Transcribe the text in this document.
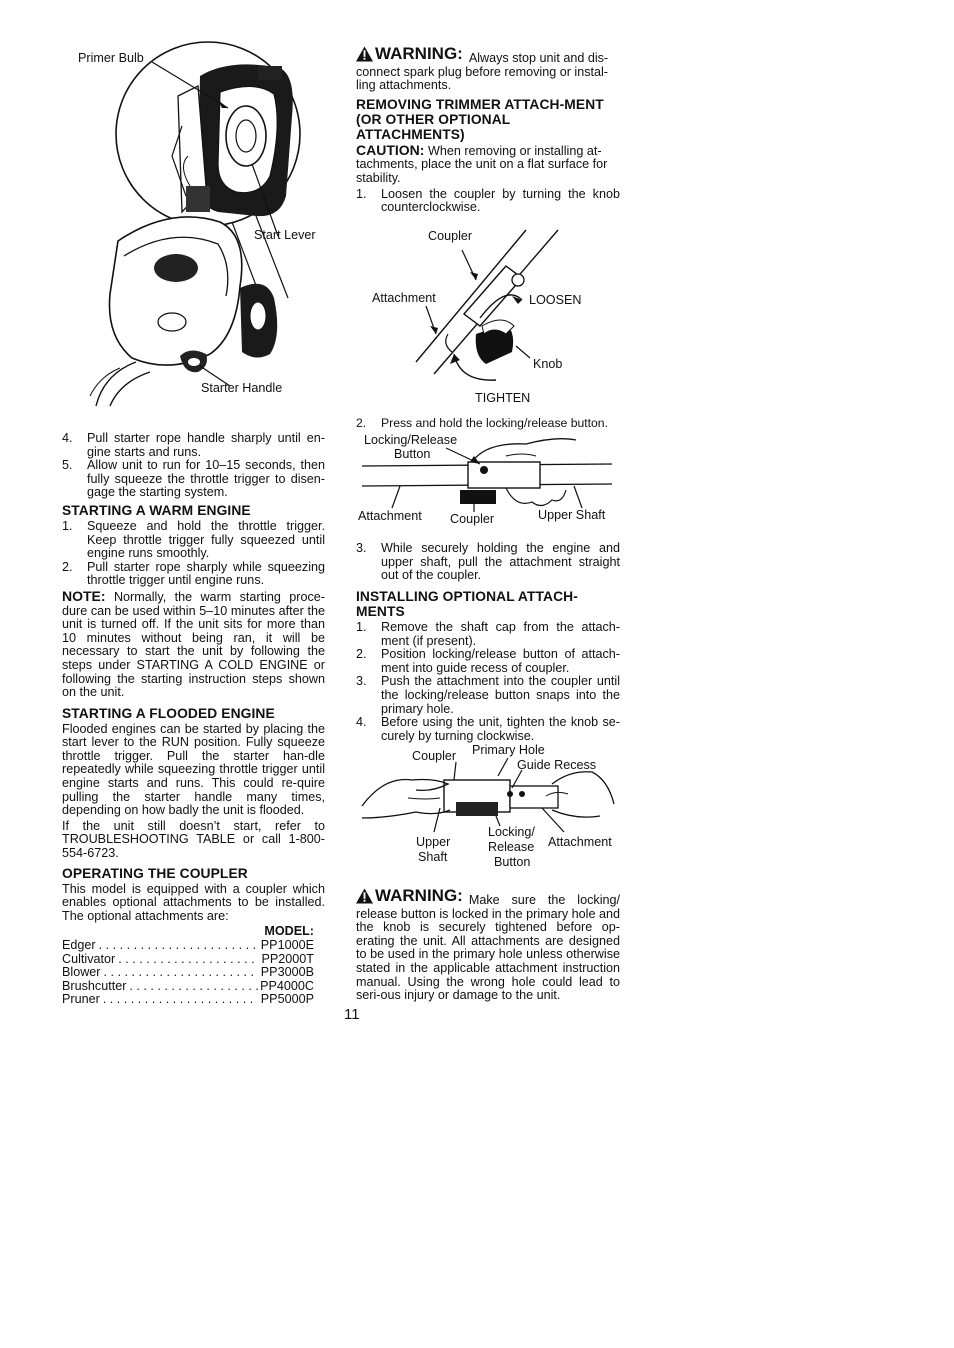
Primer Bulb
Start Lever
Starter Handle
4. Pull starter rope handle sharply until en-gine starts and runs.
5. Allow unit to run for 10–15 seconds, then fully squeeze the throttle trigger to disen-gage the starting system.
STARTING A WARM ENGINE
1. Squeeze and hold the throttle trigger. Keep throttle trigger fully squeezed until engine runs smoothly.
2. Pull starter rope sharply while squeezing throttle trigger until engine runs.

NOTE: Normally, the warm starting proce-dure can be used within 5–10 minutes after the unit is turned off. If the unit sits for more than 10 minutes without being ran, it will be necessary to start the unit by following the steps under STARTING A COLD ENGINE or following the starting instruction steps shown on the unit.

STARTING A FLOODED ENGINE

Flooded engines can be started by placing the start lever to the RUN position. Fully squeeze throttle trigger. Pull the starter han-dle repeatedly while squeezing throttle trigger until engine starts and runs. This could re-quire pulling the starter handle many times, depending on how badly the unit is flooded.

If the unit still doesn’t start, refer to TROUBLESHOOTING TABLE or call 1-800-554-6723.

OPERATING THE COUPLER

This model is equipped with a coupler which enables optional attachments to be installed. The optional attachments are:

	MODEL:
Edger . . .	PP1000E
Cultivator . . .	PP2000T
Blower . . .	PP3000B
Brushcutter . . .	PP4000C
Pruner . . .	PP5000P

WARNING: Always stop unit and dis-connect spark plug before removing or instal-ling attachments.

REMOVING TRIMMER ATTACH-MENT (OR OTHER OPTIONAL ATTACHMENTS)

CAUTION: When removing or installing at-tachments, place the unit on a flat surface for stability.

1. Loosen the coupler by turning the knob counterclockwise.
2. Press and hold the locking/release button.
3. While securely holding the engine and upper shaft, pull the attachment straight out of the coupler.
INSTALLING OPTIONAL ATTACH-MENTS
1. Remove the shaft cap from the attach-ment (if present).
2. Position locking/release button of attach-ment into guide recess of coupler.
3. Push the attachment into the coupler until the locking/release button snaps into the primary hole.
4. Before using the unit, tighten the knob se-curely by turning clockwise.
Coupler
Attachment	LOOSEN
Knob
TIGHTEN
Locking/Release
Button
Attachment Coupler	Upper Shaft
Coupler Primary Hole
Guide Recess
Upper
Shaft
Locking/
Release
Button
Attachment

WARNING: Make sure the locking/ release button is locked in the primary hole and the knob is securely tightened before op-erating the unit. All attachments are designed to be used in the primary hole unless otherwise stated in the applicable attachment instruction manual. Using the wrong hole could lead to seri-ous injury or damage to the unit.

11
